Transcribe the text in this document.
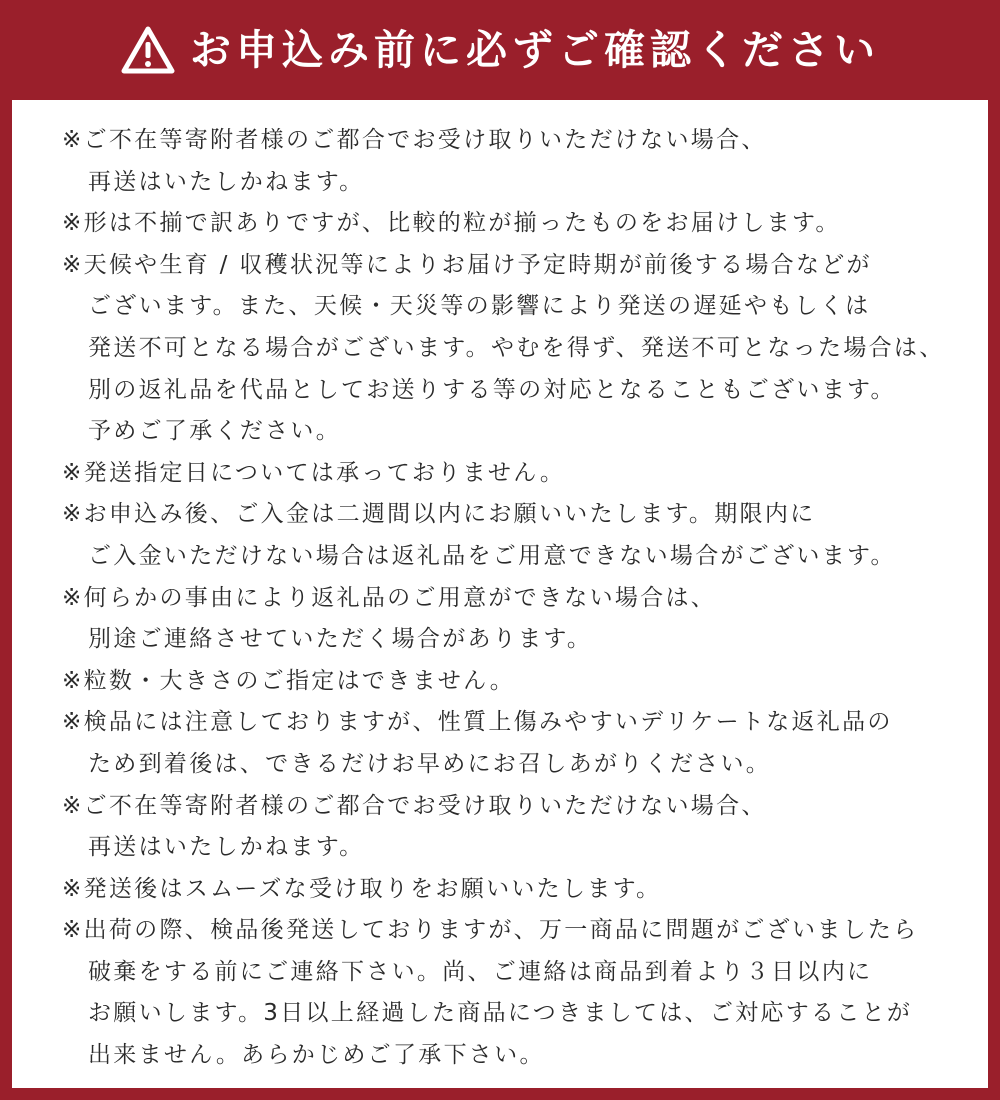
お申込み前に必ずご確認ください
※ご不在等寄附者様のご都合でお受け取りいただけない場合、
再送はいたしかねます。
※形は不揃で訳ありですが、比較的粒が揃ったものをお届けします。
※天候や生育 / 収穫状況等によりお届け予定時期が前後する場合などが
ございます。また、天候・天災等の影響により発送の遅延やもしくは
発送不可となる場合がございます。やむを得ず、発送不可となった場合は、
別の返礼品を代品としてお送りする等の対応となることもございます。
予めご了承ください。
※発送指定日については承っておりません。
※お申込み後、ご入金は二週間以内にお願いいたします。期限内に
ご入金いただけない場合は返礼品をご用意できない場合がございます。
※何らかの事由により返礼品のご用意ができない場合は、
別途ご連絡させていただく場合があります。
※粒数・大きさのご指定はできません。
※検品には注意しておりますが、性質上傷みやすいデリケートな返礼品の
ため到着後は、できるだけお早めにお召しあがりください。
※ご不在等寄附者様のご都合でお受け取りいただけない場合、
再送はいたしかねます。
※発送後はスムーズな受け取りをお願いいたします。
※出荷の際、検品後発送しておりますが、万一商品に問題がございましたら
破棄をする前にご連絡下さい。尚、ご連絡は商品到着より３日以内に
お願いします。3日以上経過した商品につきましては、ご対応することが
出来ません。あらかじめご了承下さい。
